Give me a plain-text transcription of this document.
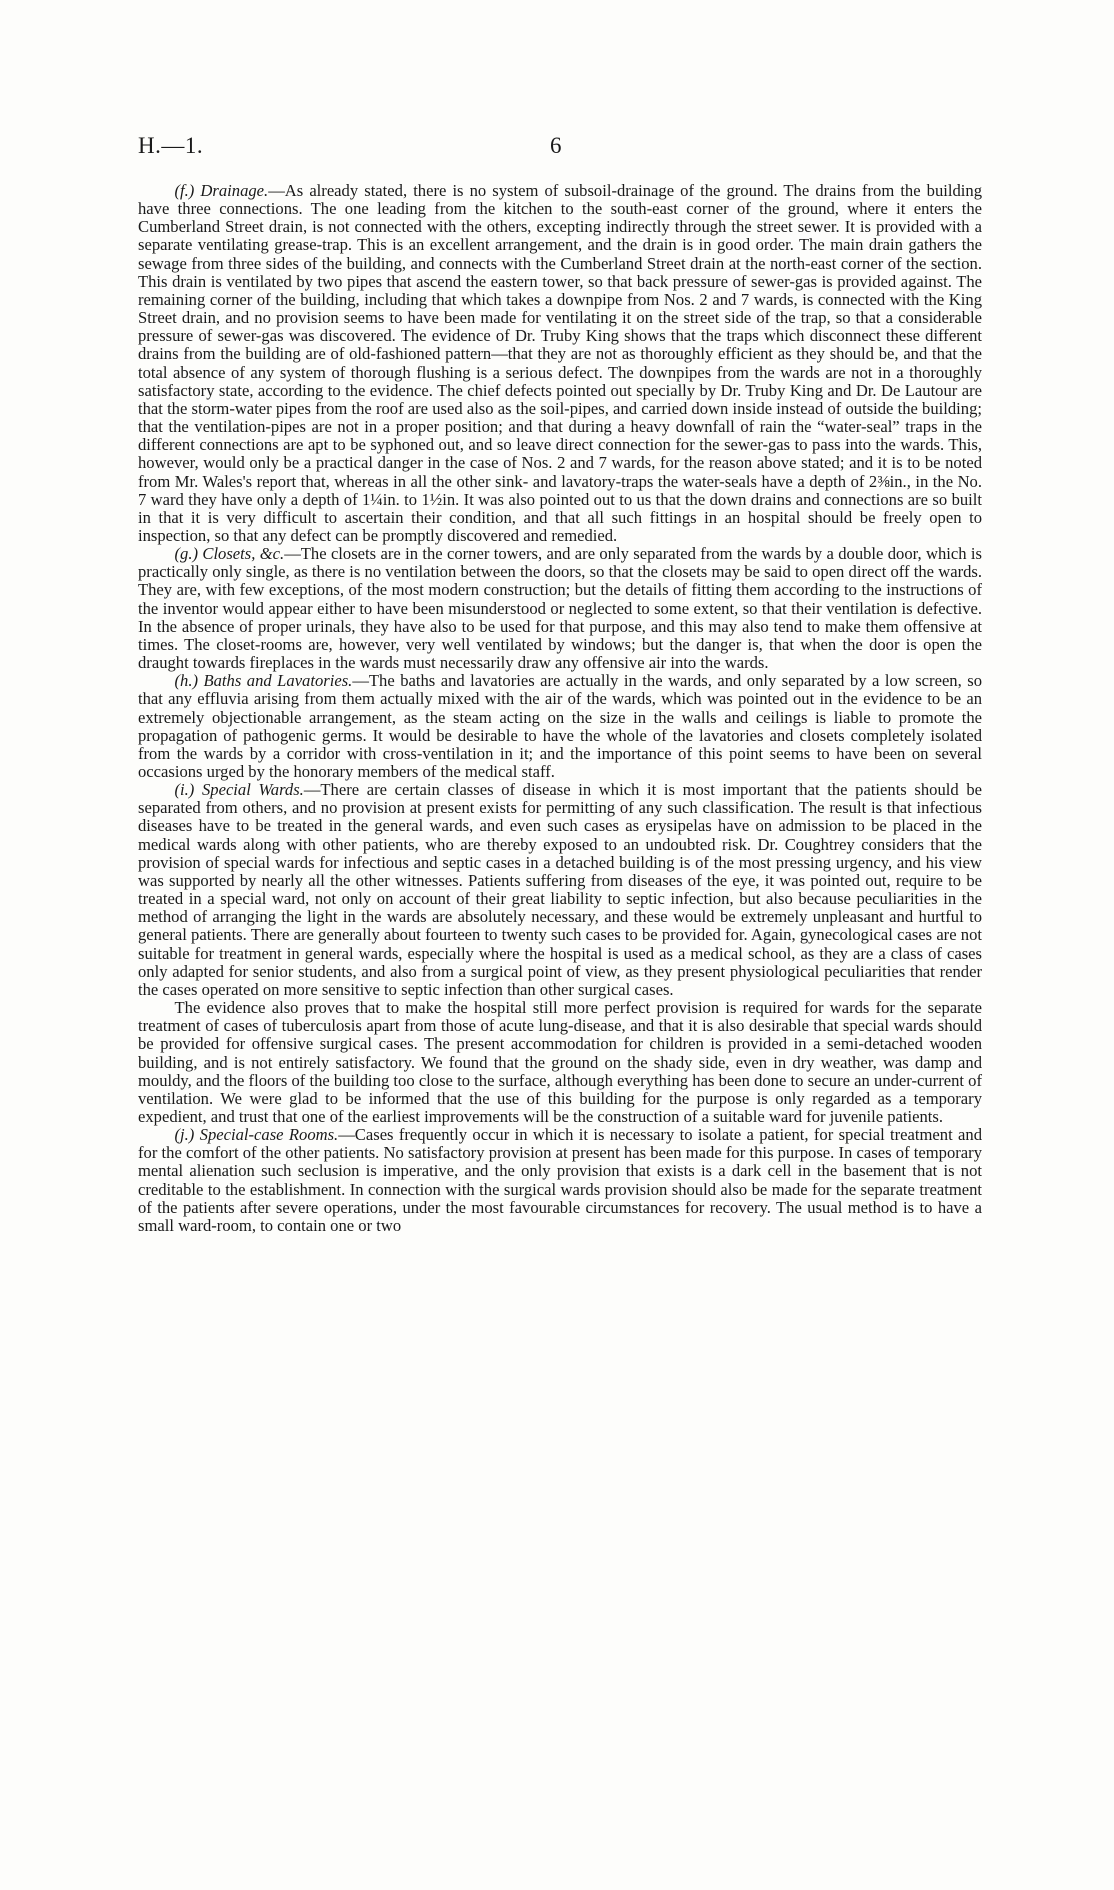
H.—1.	6

(f.) Drainage.—As already stated, there is no system of subsoil-drainage of the ground. The drains from the building have three connections. The one leading from the kitchen to the south-east corner of the ground, where it enters the Cumberland Street drain, is not connected with the others, excepting indirectly through the street sewer. It is provided with a separate ventilating grease-trap. This is an excellent arrangement, and the drain is in good order. The main drain gathers the sewage from three sides of the building, and connects with the Cumberland Street drain at the north-east corner of the section. This drain is ventilated by two pipes that ascend the eastern tower, so that back pressure of sewer-gas is provided against. The remaining corner of the building, including that which takes a downpipe from Nos. 2 and 7 wards, is connected with the King Street drain, and no provision seems to have been made for ventilating it on the street side of the trap, so that a considerable pressure of sewer-gas was discovered. The evidence of Dr. Truby King shows that the traps which disconnect these different drains from the building are of old-fashioned pattern—that they are not as thoroughly efficient as they should be, and that the total absence of any system of thorough flushing is a serious defect. The downpipes from the wards are not in a thoroughly satisfactory state, according to the evidence. The chief defects pointed out specially by Dr. Truby King and Dr. De Lautour are that the storm-water pipes from the roof are used also as the soil-pipes, and carried down inside instead of outside the building; that the ventilation-pipes are not in a proper position; and that during a heavy downfall of rain the “water-seal” traps in the different connections are apt to be syphoned out, and so leave direct connection for the sewer-gas to pass into the wards. This, however, would only be a practical danger in the case of Nos. 2 and 7 wards, for the reason above stated; and it is to be noted from Mr. Wales's report that, whereas in all the other sink- and lavatory-traps the water-seals have a depth of 2⅜in., in the No. 7 ward they have only a depth of 1¼in. to 1½in. It was also pointed out to us that the down drains and connections are so built in that it is very difficult to ascertain their condition, and that all such fittings in an hospital should be freely open to inspection, so that any defect can be promptly discovered and remedied.

(g.) Closets, &c.—The closets are in the corner towers, and are only separated from the wards by a double door, which is practically only single, as there is no ventilation between the doors, so that the closets may be said to open direct off the wards. They are, with few exceptions, of the most modern construction; but the details of fitting them according to the instructions of the inventor would appear either to have been misunderstood or neglected to some extent, so that their ventilation is defective. In the absence of proper urinals, they have also to be used for that purpose, and this may also tend to make them offensive at times. The closet-rooms are, however, very well ventilated by windows; but the danger is, that when the door is open the draught towards fireplaces in the wards must necessarily draw any offensive air into the wards.

(h.) Baths and Lavatories.—The baths and lavatories are actually in the wards, and only separated by a low screen, so that any effluvia arising from them actually mixed with the air of the wards, which was pointed out in the evidence to be an extremely objectionable arrangement, as the steam acting on the size in the walls and ceilings is liable to promote the propagation of pathogenic germs. It would be desirable to have the whole of the lavatories and closets completely isolated from the wards by a corridor with cross-ventilation in it; and the importance of this point seems to have been on several occasions urged by the honorary members of the medical staff.

(i.) Special Wards.—There are certain classes of disease in which it is most important that the patients should be separated from others, and no provision at present exists for permitting of any such classification. The result is that infectious diseases have to be treated in the general wards, and even such cases as erysipelas have on admission to be placed in the medical wards along with other patients, who are thereby exposed to an undoubted risk. Dr. Coughtrey considers that the provision of special wards for infectious and septic cases in a detached building is of the most pressing urgency, and his view was supported by nearly all the other witnesses. Patients suffering from diseases of the eye, it was pointed out, require to be treated in a special ward, not only on account of their great liability to septic infection, but also because peculiarities in the method of arranging the light in the wards are absolutely necessary, and these would be extremely unpleasant and hurtful to general patients. There are generally about fourteen to twenty such cases to be provided for. Again, gynecological cases are not suitable for treatment in general wards, especially where the hospital is used as a medical school, as they are a class of cases only adapted for senior students, and also from a surgical point of view, as they present physiological peculiarities that render the cases operated on more sensitive to septic infection than other surgical cases.

The evidence also proves that to make the hospital still more perfect provision is required for wards for the separate treatment of cases of tuberculosis apart from those of acute lung-disease, and that it is also desirable that special wards should be provided for offensive surgical cases. The present accommodation for children is provided in a semi-detached wooden building, and is not entirely satisfactory. We found that the ground on the shady side, even in dry weather, was damp and mouldy, and the floors of the building too close to the surface, although everything has been done to secure an under-current of ventilation. We were glad to be informed that the use of this building for the purpose is only regarded as a temporary expedient, and trust that one of the earliest improvements will be the construction of a suitable ward for juvenile patients.

(j.) Special-case Rooms.—Cases frequently occur in which it is necessary to isolate a patient, for special treatment and for the comfort of the other patients. No satisfactory provision at present has been made for this purpose. In cases of temporary mental alienation such seclusion is imperative, and the only provision that exists is a dark cell in the basement that is not creditable to the establishment. In connection with the surgical wards provision should also be made for the separate treatment of the patients after severe operations, under the most favourable circumstances for recovery. The usual method is to have a small ward-room, to contain one or two
